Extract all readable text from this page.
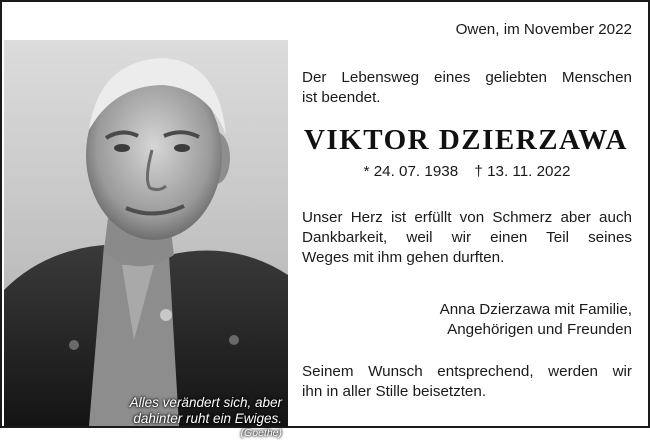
Alles verändert sich, aber
dahinter ruht ein Ewiges.
(Goethe)
Owen, im November 2022
Der Lebensweg eines geliebten Menschen
ist beendet.
VIKTOR DZIERZAWA
* 24. 07. 1938 † 13. 11. 2022
Unser Herz ist erfüllt von Schmerz aber auch
Dankbarkeit, weil wir einen Teil seines
Weges mit ihm gehen durften.
Anna Dzierzawa mit Familie,
Angehörigen und Freunden
Seinem Wunsch entsprechend, werden wir
ihn in aller Stille beisetzten.
